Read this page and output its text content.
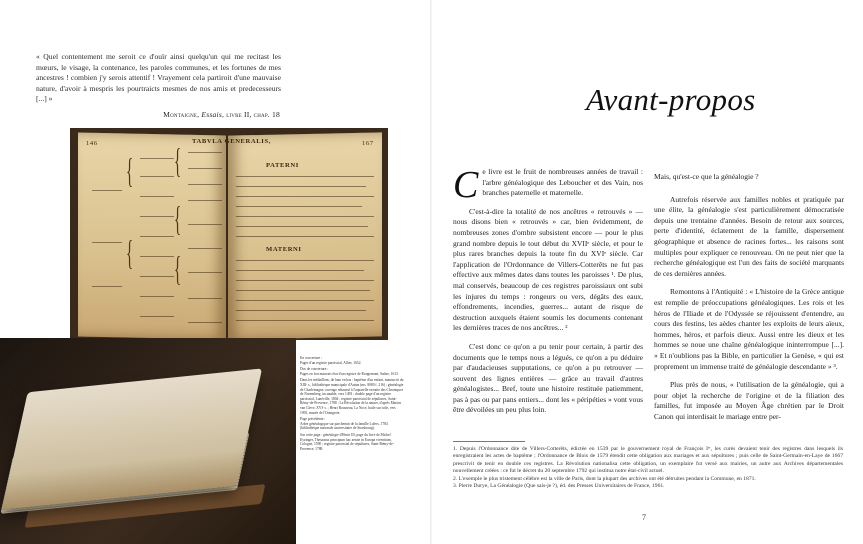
« Quel contentement me seroit ce d'ouïr ainsi quelqu'un qui me recitast les mœurs, le visage, la contenance, les paroles communes, et les fortunes de mes ancestres ! combien j'y serois attentif ! Vrayement cela partiroit d'une mauvaise nature, d'avoir à mespris les pourtraicts mesmes de nos amis et predecesseurs [...] »
Montaigne, Essais, livre II, chap. 18
146	167
TABVLA GENERALIS,
PATERNI
MATERNI
{
{
{
{
{

En couverture :
Pages d'un registre paroissial, Allier, 1652.

Dos de couverture :
Pages en fort mauvais état d'un registre de Rougemont, Saône, 1613.

Dans les médaillons, de haut en bas : baptême d'un enfant, manuscrit du XIIIᵉ s., bibliothèque municipale d'Autun (ms. 8080 f. 216) ; généalogie de Charlemagne, ouvrage rehaussé à l'aquarelle extraite des Chroniques de Nuremberg, incunable, vers 1493 ; double page d'un registre paroissial, Lunéville, 1804 ; registre paroissial de sépultures, Saint-Rémy-de-Provence, 1788 ; La Révolution de la nature, d'après Marion van Cleve, XVIᵉ s. ; Henri Rousseau, La Noce, huile sur toile, vers 1905, musée de l'Orangerie.

Page précédente :
Arbre généalogique sur parchemin de la famille Lolers, 1784 (bibliothèque nationale universitaire de Strasbourg).

Sur cette page : généalogie d'Henri III, page du livre de Michel Eyzinger, Thesaurus principum hac aetate in Europa viventium, Cologne, 1590 ; registre paroissial de sépultures, Saint-Rémy-de-Provence, 1788.

Avant-propos

Ce livre est le fruit de nombreuses années de travail : l'arbre généalogique des Leboucher et des Vain, nos branches paternelle et maternelle.

C'est-à-dire la totalité de nos ancêtres « retrouvés » — nous disons bien « retrouvés » car, bien évidemment, de nombreuses zones d'ombre subsistent encore — pour le plus grand nombre depuis le tout début du XVIIᵉ siècle, et pour le plus rares branches depuis la toute fin du XVIᵉ siècle. Car l'application de l'Ordonnance de Villers-Cotterêts ne fut pas effective aux mêmes dates dans toutes les paroisses ¹. De plus, mal conservés, beaucoup de ces registres paroissiaux ont subi les injures du temps : rongeurs ou vers, dégâts des eaux, effondrements, incendies, guerres... autant de risque de destruction auxquels étaient soumis les documents contenant les dernières traces de nos ancêtres... ²

C'est donc ce qu'on a pu tenir pour certain, à partir des documents que le temps nous a légués, ce qu'on a pu déduire par d'audacieuses supputations, ce qu'on a pu retrouver — souvent des lignes entières — grâce au travail d'autres généalogistes... Bref, toute une histoire restituée patiemment, pas à pas ou par pans entiers... dont les « péripéties » vont vous être dévoilées un peu plus loin.

Mais, qu'est-ce que la généalogie ?

Autrefois réservée aux familles nobles et pratiquée par une élite, la généalogie s'est particulièrement démocratisée depuis une trentaine d'années. Besoin de retour aux sources, perte d'identité, éclatement de la famille, dispersement géographique et absence de racines fortes... les raisons sont multiples pour expliquer ce renouveau. On ne peut nier que la recherche généalogique est l'un des faits de société marquants de ces dernières années.

Remontons à l'Antiquité : « L'histoire de la Grèce antique est remplie de préoccupations généalogiques. Les rois et les héros de l'Iliade et de l'Odyssée se réjouissent d'entendre, au cours des festins, les aèdes chanter les exploits de leurs aïeux, hommes, héros, et parfois dieux. Aussi entre les dieux et les hommes se noue une chaîne généalogique ininterrompue [...]. » Et n'oublions pas la Bible, en particulier la Genèse, « qui est proprement un immense traité de généalogie descendante » ³.

Plus près de nous, « l'utilisation de la généalogie, qui a pour objet la recherche de l'origine et de la filiation des familles, fut imposée au Moyen Âge chrétien par le Droit Canon qui interdisait le mariage entre per-

1. Depuis l'Ordonnance dite de Villers-Cotterêts, édictée en 1539 par le gouvernement royal de François Iᵉʳ, les curés devaient tenir des registres dans lesquels ils enregistraient les actes de baptême ; l'Ordonnance de Blois de 1579 étendit cette obligation aux mariages et aux sépultures ; puis celle de Saint-Germain-en-Laye de 1667 prescrivit de tenir en double ces registres. La Révolution nationalisa cette obligation, un exemplaire fut versé aux mairies, un autre aux Archives départementales nouvellement créées : ce fut le décret du 20 septembre 1792 qui institua notre état-civil actuel.

2. L'exemple le plus tristement célèbre est la ville de Paris, dont la plupart des archives ont été détruites pendant la Commune, en 1871.

3. Pierre Durye, La Généalogie (Que sais-je ?), éd. des Presses Universitaires de France, 1961.

7
